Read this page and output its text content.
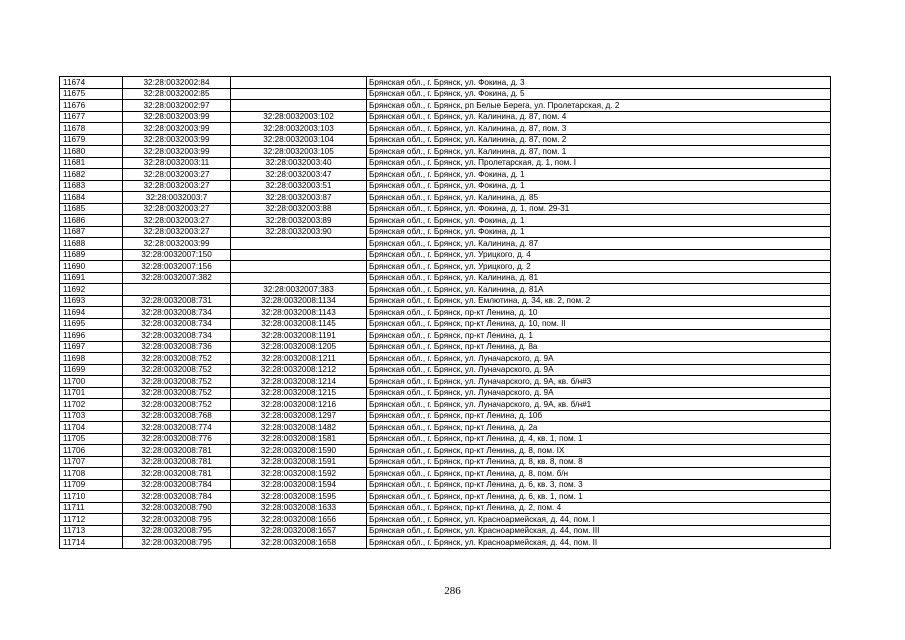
11674	32:28:0032002:84		Брянская обл., г. Брянск, ул. Фокина, д. 3
11675	32:28:0032002:85		Брянская обл., г. Брянск, ул. Фокина, д. 5
11676	32:28:0032002:97		Брянская обл., г. Брянск, рп Белые Берега, ул. Пролетарская, д. 2
11677	32:28:0032003:99	32:28:0032003:102	Брянская обл., г. Брянск, ул. Калинина, д. 87, пом. 4
11678	32:28:0032003:99	32:28:0032003:103	Брянская обл., г. Брянск, ул. Калинина, д. 87, пом. 3
11679	32:28:0032003:99	32:28:0032003:104	Брянская обл., г. Брянск, ул. Калинина, д. 87, пом. 2
11680	32:28:0032003:99	32:28:0032003:105	Брянская обл., г. Брянск, ул. Калинина, д. 87, пом. 1
11681	32:28:0032003:11	32:28:0032003:40	Брянская обл., г. Брянск, ул. Пролетарская, д. 1, пом. I
11682	32:28:0032003:27	32:28:0032003:47	Брянская обл., г. Брянск, ул. Фокина, д. 1
11683	32:28:0032003:27	32:28:0032003:51	Брянская обл., г. Брянск, ул. Фокина, д. 1
11684	32:28:0032003:7	32:28:0032003:87	Брянская обл., г. Брянск, ул. Калинина, д. 85
11685	32:28:0032003:27	32:28:0032003:88	Брянская обл., г. Брянск, ул. Фокина, д. 1, пом. 29-31
11686	32:28:0032003:27	32:28:0032003:89	Брянская обл., г. Брянск, ул. Фокина, д. 1
11687	32:28:0032003:27	32:28:0032003:90	Брянская обл., г. Брянск, ул. Фокина, д. 1
11688	32:28:0032003:99		Брянская обл., г. Брянск, ул. Калинина, д. 87
11689	32:28:0032007:150		Брянская обл., г. Брянск, ул. Урицкого, д. 4
11690	32:28:0032007:156		Брянская обл., г. Брянск, ул. Урицкого, д. 2
11691	32:28:0032007:382		Брянская обл., г. Брянск, ул. Калинина, д. 81
11692		32:28:0032007:383	Брянская обл., г. Брянск, ул. Калинина, д. 81А
11693	32:28:0032008:731	32:28:0032008:1134	Брянская обл., г. Брянск, ул. Емлютина, д. 34, кв. 2, пом. 2
11694	32:28:0032008:734	32:28:0032008:1143	Брянская обл., г. Брянск, пр-кт Ленина, д. 10
11695	32:28:0032008:734	32:28:0032008:1145	Брянская обл., г. Брянск, пр-кт Ленина, д. 10, пом. II
11696	32:28:0032008:734	32:28:0032008:1191	Брянская обл., г. Брянск, пр-кт Ленина, д. 1
11697	32:28:0032008:736	32:28:0032008:1205	Брянская обл., г. Брянск, пр-кт Ленина, д. 8а
11698	32:28:0032008:752	32:28:0032008:1211	Брянская обл., г. Брянск, ул. Луначарского, д. 9А
11699	32:28:0032008:752	32:28:0032008:1212	Брянская обл., г. Брянск, ул. Луначарского, д. 9А
11700	32:28:0032008:752	32:28:0032008:1214	Брянская обл., г. Брянск, ул. Луначарского, д. 9А, кв. б/н#3
11701	32:28:0032008:752	32:28:0032008:1215	Брянская обл., г. Брянск, ул. Луначарского, д. 9А
11702	32:28:0032008:752	32:28:0032008:1216	Брянская обл., г. Брянск, ул. Луначарского, д. 9А, кв. б/н#1
11703	32:28:0032008:768	32:28:0032008:1297	Брянская обл., г. Брянск, пр-кт Ленина, д. 10б
11704	32:28:0032008:774	32:28:0032008:1482	Брянская обл., г. Брянск, пр-кт Ленина, д. 2а
11705	32:28:0032008:776	32:28:0032008:1581	Брянская обл., г. Брянск, пр-кт Ленина, д. 4, кв. 1, пом. 1
11706	32:28:0032008:781	32:28:0032008:1590	Брянская обл., г. Брянск, пр-кт Ленина, д. 8, пом. IX
11707	32:28:0032008:781	32:28:0032008:1591	Брянская обл., г. Брянск, пр-кт Ленина, д. 8, кв. 8, пом. 8
11708	32:28:0032008:781	32:28:0032008:1592	Брянская обл., г. Брянск, пр-кт Ленина, д. 8, пом. б/н
11709	32:28:0032008:784	32:28:0032008:1594	Брянская обл., г. Брянск, пр-кт Ленина, д. 6, кв. 3, пом. 3
11710	32:28:0032008:784	32:28:0032008:1595	Брянская обл., г. Брянск, пр-кт Ленина, д. 6, кв. 1, пом. 1
11711	32:28:0032008:790	32:28:0032008:1633	Брянская обл., г. Брянск, пр-кт Ленина, д. 2, пом. 4
11712	32:28:0032008:795	32:28:0032008:1656	Брянская обл., г. Брянск, ул. Красноармейская, д. 44, пом. I
11713	32:28:0032008:795	32:28:0032008:1657	Брянская обл., г. Брянск, ул. Красноармейская, д. 44, пом. III
11714	32:28:0032008:795	32:28:0032008:1658	Брянская обл., г. Брянск, ул. Красноармейская, д. 44, пом. II
286
